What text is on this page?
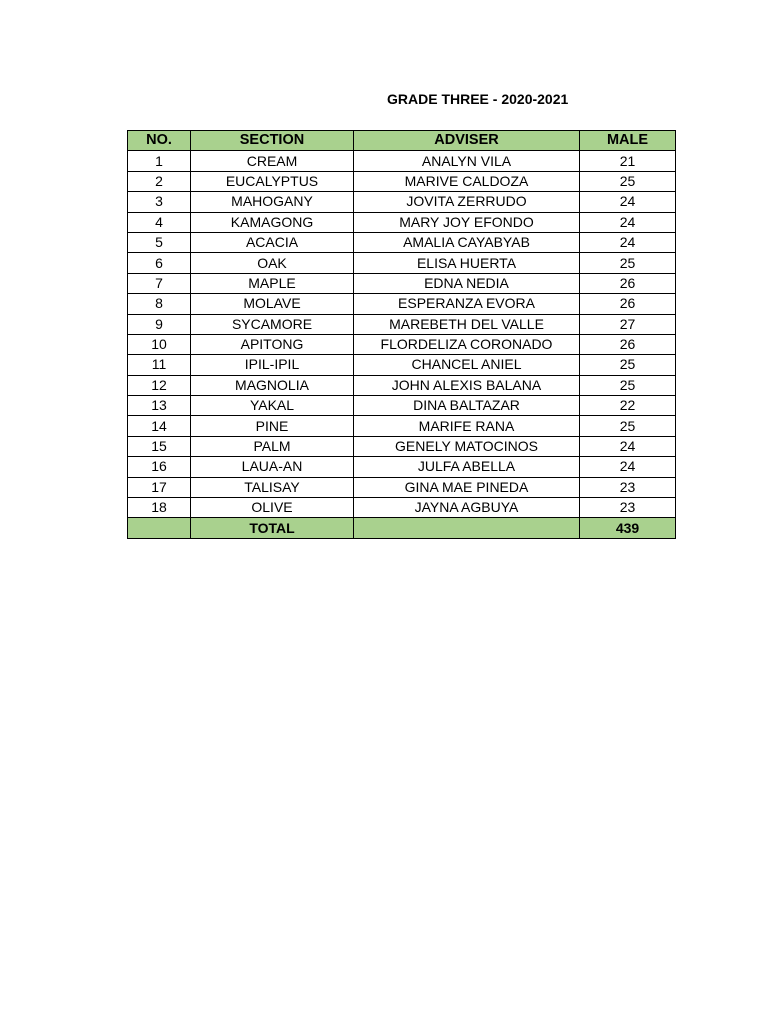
GRADE THREE - 2020-2021
NO.	SECTION	ADVISER	MALE
1	CREAM	ANALYN VILA	21
2	EUCALYPTUS	MARIVE CALDOZA	25
3	MAHOGANY	JOVITA ZERRUDO	24
4	KAMAGONG	MARY JOY EFONDO	24
5	ACACIA	AMALIA CAYABYAB	24
6	OAK	ELISA HUERTA	25
7	MAPLE	EDNA NEDIA	26
8	MOLAVE	ESPERANZA EVORA	26
9	SYCAMORE	MAREBETH DEL VALLE	27
10	APITONG	FLORDELIZA CORONADO	26
11	IPIL-IPIL	CHANCEL ANIEL	25
12	MAGNOLIA	JOHN ALEXIS BALANA	25
13	YAKAL	DINA BALTAZAR	22
14	PINE	MARIFE RANA	25
15	PALM	GENELY MATOCINOS	24
16	LAUA-AN	JULFA ABELLA	24
17	TALISAY	GINA MAE PINEDA	23
18	OLIVE	JAYNA AGBUYA	23
	TOTAL		439
